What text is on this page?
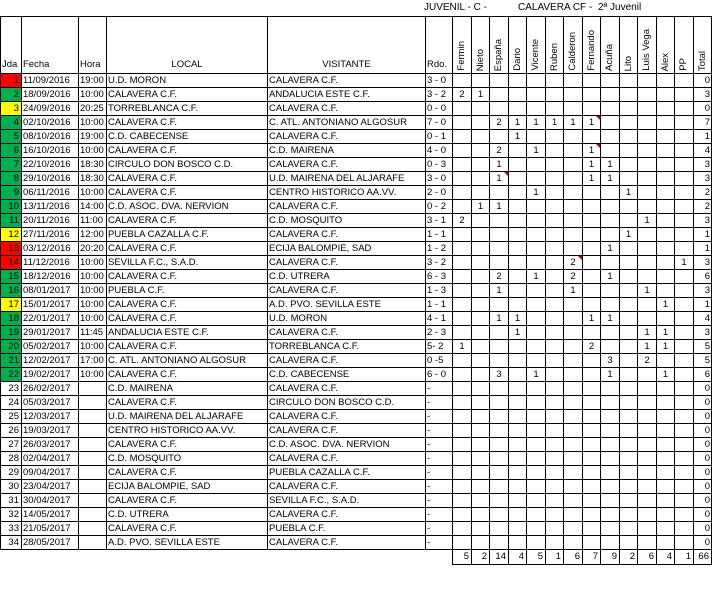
JUVENIL - C -	CALAVERA CF - 2ª Juvenil
Jda	Fecha	Hora	LOCAL	VISITANTE	Rdo.	Fermin	Nieto	España	Dario	Vicente	Ruben	Calderon	Fernando	Acuña	Lito	Luis Vega	Alex	PP	Total

1	11/09/2016	19:00	U.D. MORON	CALAVERA C.F.	3 - 0														0
2	18/09/2016	10:00	CALAVERA C.F.	ANDALUCIA ESTE C.F.	3 - 2	2	1												3
3	24/09/2016	20:25	TORREBLANCA C.F.	CALAVERA C.F.	0 - 0														0
4	02/10/2016	10:00	CALAVERA C.F.	C. ATL. ANTONIANO ALGOSUR	7 - 0			2	1	1	1	1	1						7
5	08/10/2016	19:00	C.D. CABECENSE	CALAVERA C.F.	0 - 1				1										1
6	16/10/2016	10:00	CALAVERA C.F.	C.D. MAIRENA	4 - 0			2		1			1						4
7	22/10/2016	18:30	CIRCULO DON BOSCO C.D.	CALAVERA C.F.	0 - 3			1					1	1					3
8	29/10/2016	18:30	CALAVERA C.F.	U.D. MAIRENA DEL ALJARAFE	3 - 0			1					1	1					3
9	06/11/2016	10:00	CALAVERA C.F.	CENTRO HISTORICO AA.VV.	2 - 0					1					1				2
10	13/11/2016	14:00	C.D. ASOC. DVA. NERVION	CALAVERA C.F.	0 - 2		1	1											2
11	20/11/2016	11:00	CALAVERA C.F.	C.D. MOSQUITO	3 - 1	2										1			3
12	27/11/2016	12:00	PUEBLA CAZALLA C.F.	CALAVERA C.F.	1 - 1										1				1
13	03/12/2016	20:20	CALAVERA C.F.	ECIJA BALOMPIE, SAD	1 - 2									1					1
14	11/12/2016	10:00	SEVILLA F.C., S.A.D.	CALAVERA C.F.	3 - 2							2						1	3
15	18/12/2016	10:00	CALAVERA C.F.	C.D. UTRERA	6 - 3			2		1		2		1					6
16	08/01/2017	10:00	PUEBLA C.F.	CALAVERA C.F.	1 - 3			1				1				1			3
17	15/01/2017	10:00	CALAVERA C.F.	A.D. PVO. SEVILLA ESTE	1 - 1												1		1
18	22/01/2017	10:00	CALAVERA C.F.	U.D. MORON	4 - 1			1	1				1	1					4
19	29/01/2017	11:45	ANDALUCIA ESTE C.F.	CALAVERA C.F.	2 - 3				1							1	1		3
20	05/02/2017	10:00	CALAVERA C.F.	TORREBLANCA C.F.	5- 2	1							2			1	1		5
21	12/02/2017	17:00	C. ATL. ANTONIANO ALGOSUR	CALAVERA C.F.	0 -5									3		2			5
22	19/02/2017	10:00	CALAVERA C.F.	C.D. CABECENSE	6 - 0			3		1				1			1		6
23	26/02/2017		C.D. MAIRENA	CALAVERA C.F.	-														0
24	05/03/2017		CALAVERA C.F.	CIRCULO DON BOSCO C.D.	-														0
25	12/03/2017		U.D. MAIRENA DEL ALJARAFE	CALAVERA C.F.	-														0
26	19/03/2017		CENTRO HISTORICO AA.VV.	CALAVERA C.F.	-														0
27	26/03/2017		CALAVERA C.F.	C.D. ASOC. DVA. NERVION	-														0
28	02/04/2017		C.D. MOSQUITO	CALAVERA C.F.	-														0
29	09/04/2017		CALAVERA C.F.	PUEBLA CAZALLA C.F.	-														0
30	23/04/2017		ECIJA BALOMPIE, SAD	CALAVERA C.F.	-														0
31	30/04/2017		CALAVERA C.F.	SEVILLA F.C., S.A.D.	-														0
32	14/05/2017		C.D. UTRERA	CALAVERA C.F.	-														0
33	21/05/2017		CALAVERA C.F.	PUEBLA C.F.	-														0
34	28/05/2017		A.D. PVO. SEVILLA ESTE	CALAVERA C.F.	-														0
						5	2	14	4	5	1	6	7	9	2	6	4	1	66
